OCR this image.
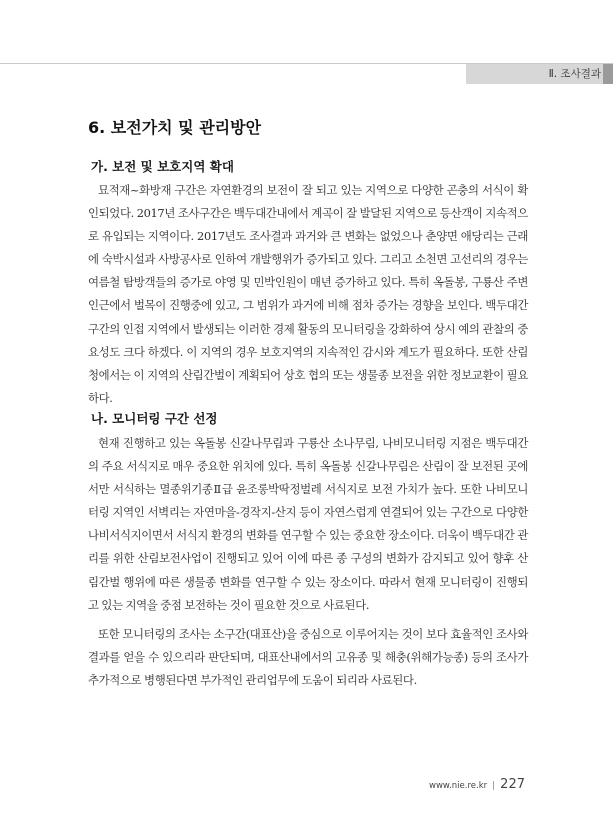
Ⅱ. 조사결과
6. 보전가치 및 관리방안
가. 보전 및 보호지역 확대

묘적재~화방재 구간은 자연환경의 보전이 잘 되고 있는 지역으로 다양한 곤충의 서식이 확인되었다. 2017년 조사구간은 백두대간내에서 계곡이 잘 발달된 지역으로 등산객이 지속적으로 유입되는 지역이다. 2017년도 조사결과 과거와 큰 변화는 없었으나 춘양면 애당리는 근래에 숙박시설과 사방공사로 인하여 개발행위가 증가되고 있다. 그리고 소천면 고선리의 경우는 여름철 탐방객들의 증가로 야영 및 민박인원이 매년 증가하고 있다. 특히 옥돌봉, 구룡산 주변 인근에서 벌목이 진행중에 있고, 그 범위가 과거에 비해 점차 증가는 경향을 보인다. 백두대간 구간의 인접 지역에서 발생되는 이러한 경제 활동의 모니터링을 강화하여 상시 예의 관찰의 중요성도 크다 하겠다. 이 지역의 경우 보호지역의 지속적인 감시와 계도가 필요하다. 또한 산림청에서는 이 지역의 산림간벌이 계획되어 상호 협의 또는 생물종 보전을 위한 정보교환이 필요하다.

나. 모니터링 구간 선정

현재 진행하고 있는 옥돌봉 신갈나무림과 구룡산 소나무림, 나비모니터링 지점은 백두대간의 주요 서식지로 매우 중요한 위치에 있다. 특히 옥돌봉 신갈나무림은 산림이 잘 보전된 곳에서만 서식하는 멸종위기종Ⅱ급 윤조롱박딱정벌레 서식지로 보전 가치가 높다. 또한 나비모니터링 지역인 서벽리는 자연마을-경작지-산지 등이 자연스럽게 연결되어 있는 구간으로 다양한 나비서식지이면서 서식지 환경의 변화를 연구할 수 있는 중요한 장소이다. 더욱이 백두대간 관리를 위한 산림보전사업이 진행되고 있어 이에 따른 종 구성의 변화가 감지되고 있어 향후 산림간벌 행위에 따른 생물종 변화를 연구할 수 있는 장소이다. 따라서 현재 모니터링이 진행되고 있는 지역을 중점 보전하는 것이 필요한 것으로 사료된다.

또한 모니터링의 조사는 소구간(대표산)을 중심으로 이루어지는 것이 보다 효율적인 조사와 결과를 얻을 수 있으리라 판단되며, 대표산내에서의 고유종 및 해충(위해가능종) 등의 조사가 추가적으로 병행된다면 부가적인 관리업무에 도움이 되리라 사료된다.

www.nie.re.kr | 227
